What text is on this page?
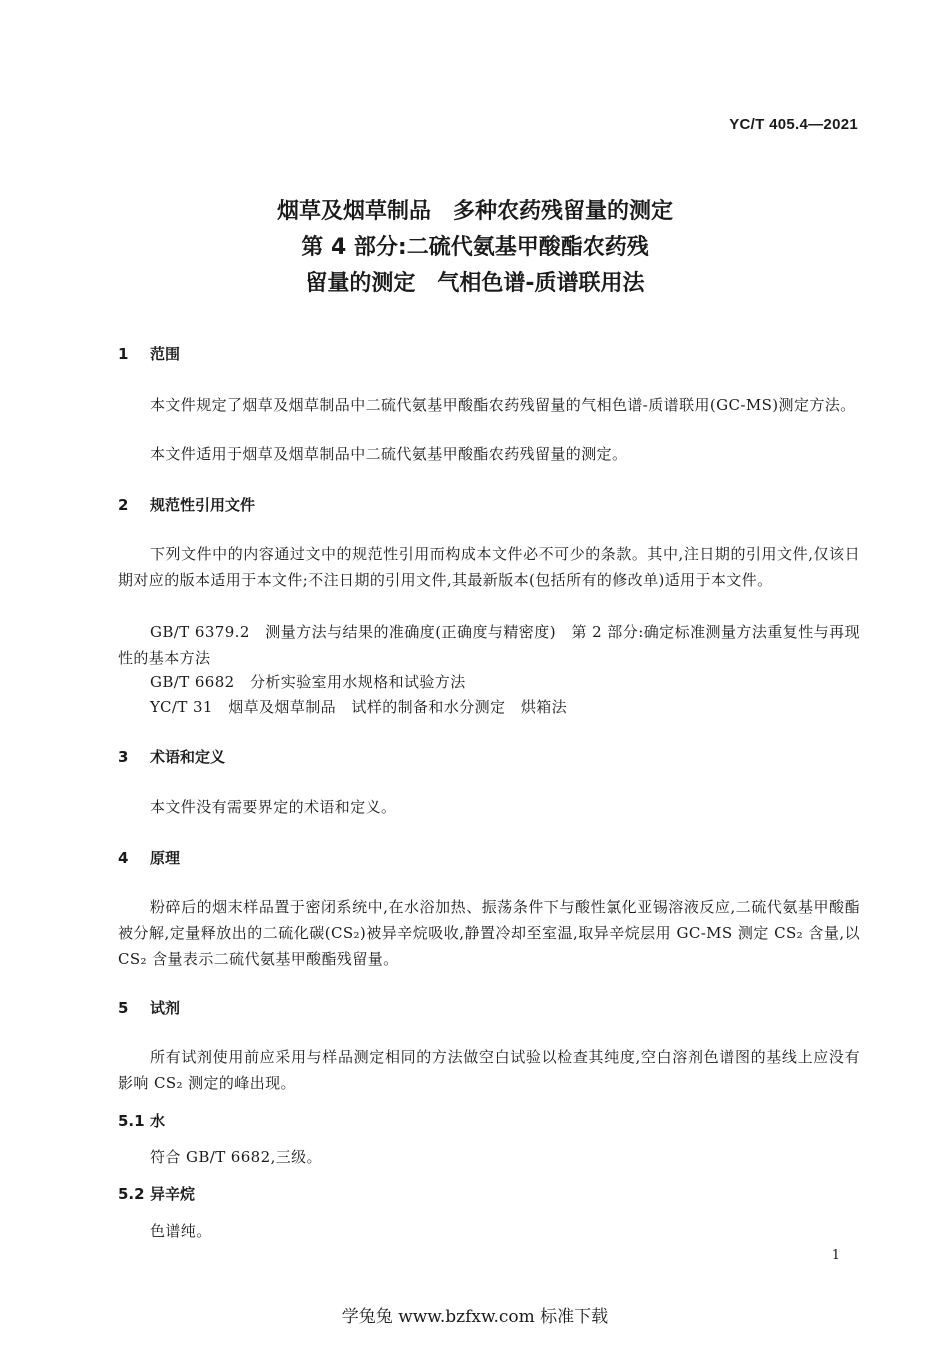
YC/T 405.4—2021
烟草及烟草制品　多种农药残留量的测定
第 4 部分:二硫代氨基甲酸酯农药残
留量的测定　气相色谱-质谱联用法
1 范围
本文件规定了烟草及烟草制品中二硫代氨基甲酸酯农药残留量的气相色谱-质谱联用(GC-MS)测定方法。
本文件适用于烟草及烟草制品中二硫代氨基甲酸酯农药残留量的测定。
2 规范性引用文件
下列文件中的内容通过文中的规范性引用而构成本文件必不可少的条款。其中,注日期的引用文件,仅该日期对应的版本适用于本文件;不注日期的引用文件,其最新版本(包括所有的修改单)适用于本文件。
GB/T 6379.2　测量方法与结果的准确度(正确度与精密度)　第 2 部分:确定标准测量方法重复性与再现性的基本方法
GB/T 6682　分析实验室用水规格和试验方法
YC/T 31　烟草及烟草制品　试样的制备和水分测定　烘箱法
3 术语和定义
本文件没有需要界定的术语和定义。
4 原理
粉碎后的烟末样品置于密闭系统中,在水浴加热、振荡条件下与酸性氯化亚锡溶液反应,二硫代氨基甲酸酯被分解,定量释放出的二硫化碳(CS₂)被异辛烷吸收,静置冷却至室温,取异辛烷层用 GC-MS 测定 CS₂ 含量,以 CS₂ 含量表示二硫代氨基甲酸酯残留量。
5 试剂
所有试剂使用前应采用与样品测定相同的方法做空白试验以检查其纯度,空白溶剂色谱图的基线上应没有影响 CS₂ 测定的峰出现。
5.1 水
符合 GB/T 6682,三级。
5.2 异辛烷
色谱纯。
1
学兔兔 www.bzfxw.com 标准下载
